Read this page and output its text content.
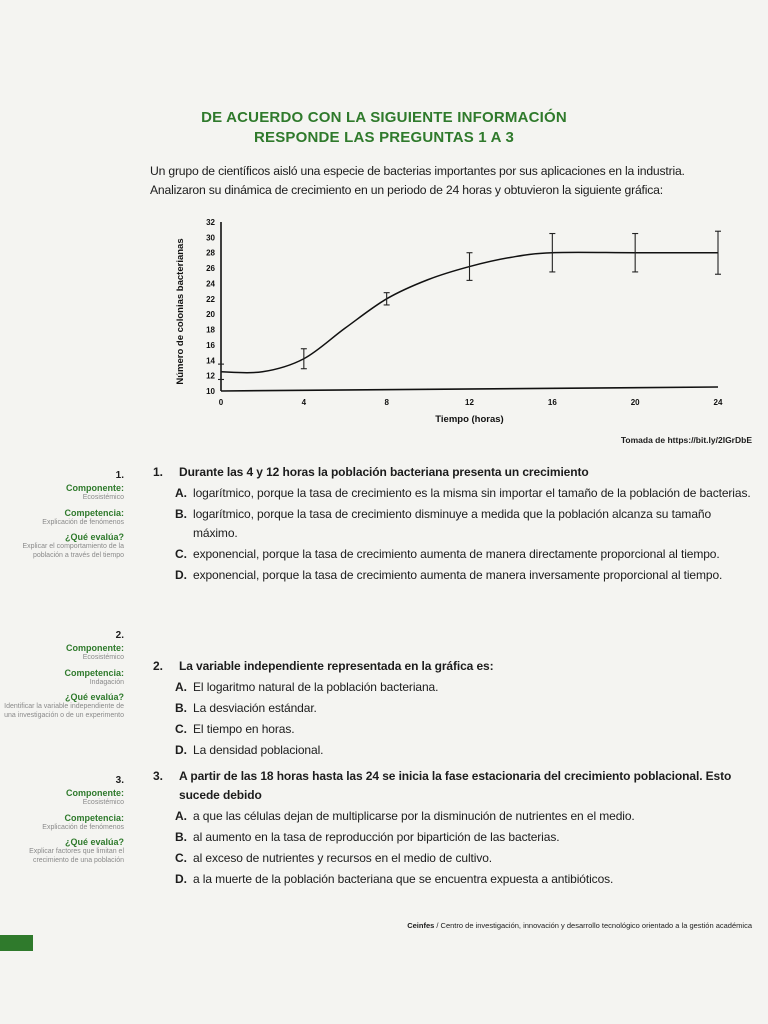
DE ACUERDO CON LA SIGUIENTE INFORMACIÓN
RESPONDE LAS PREGUNTAS 1 A 3
Un grupo de científicos aisló una especie de bacterias importantes por sus aplicaciones en la industria.
Analizaron su dinámica de crecimiento en un periodo de 24 horas y obtuvieron la siguiente gráfica:
10
12
14
16
18
20
22
24
26
28
30
32
0	4	8	12	16	20	24
Tiempo (horas)
Número de colonias bacterianas
Tomada de https://bit.ly/2IGrDbE
1.
Componente:
Ecosistémico
Competencia:
Explicación de fenómenos
¿Qué evalúa?
Explicar el comportamiento de la población a través del tiempo
2.
Componente:
Ecosistémico
Competencia:
Indagación
¿Qué evalúa?
Identificar la variable independiente de una investigación o de un experimento
3.
Componente:
Ecosistémico
Competencia:
Explicación de fenómenos
¿Qué evalúa?
Explicar factores que limitan el crecimiento de una población
1. Durante las 4 y 12 horas la población bacteriana presenta un crecimiento
A. logarítmico, porque la tasa de crecimiento es la misma sin importar el tamaño de la población de bacterias.
B. logarítmico, porque la tasa de crecimiento disminuye a medida que la población alcanza su tamaño máximo.
C. exponencial, porque la tasa de crecimiento aumenta de manera directamente proporcional al tiempo.
D. exponencial, porque la tasa de crecimiento aumenta de manera inversamente proporcional al tiempo.
2. La variable independiente representada en la gráfica es:
A. El logaritmo natural de la población bacteriana.
B. La desviación estándar.
C. El tiempo en horas.
D. La densidad poblacional.
3. A partir de las 18 horas hasta las 24 se inicia la fase estacionaria del crecimiento poblacional. Esto sucede debido
A. a que las células dejan de multiplicarse por la disminución de nutrientes en el medio.
B. al aumento en la tasa de reproducción por bipartición de las bacterias.
C. al exceso de nutrientes y recursos en el medio de cultivo.
D. a la muerte de la población bacteriana que se encuentra expuesta a antibióticos.
Ceinfes / Centro de investigación, innovación y desarrollo tecnológico orientado a la gestión académica
